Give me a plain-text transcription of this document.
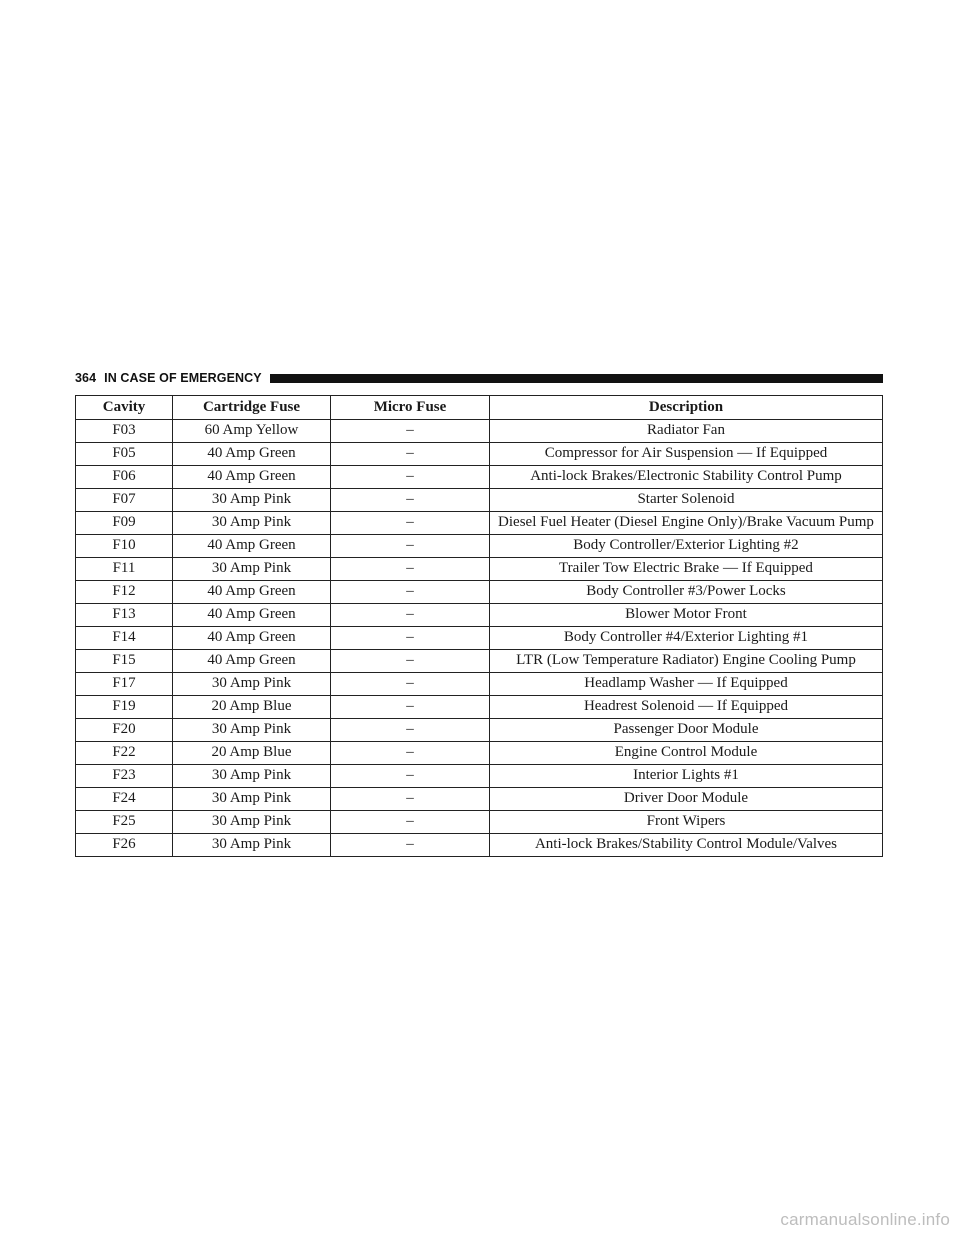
364 IN CASE OF EMERGENCY
Cavity	Cartridge Fuse	Micro Fuse	Description
F03	60 Amp Yellow	–	Radiator Fan
F05	40 Amp Green	–	Compressor for Air Suspension — If Equipped
F06	40 Amp Green	–	Anti-lock Brakes/Electronic Stability Control Pump
F07	30 Amp Pink	–	Starter Solenoid
F09	30 Amp Pink	–	Diesel Fuel Heater (Diesel Engine Only)/Brake Vacuum Pump
F10	40 Amp Green	–	Body Controller/Exterior Lighting #2
F11	30 Amp Pink	–	Trailer Tow Electric Brake — If Equipped
F12	40 Amp Green	–	Body Controller #3/Power Locks
F13	40 Amp Green	–	Blower Motor Front
F14	40 Amp Green	–	Body Controller #4/Exterior Lighting #1
F15	40 Amp Green	–	LTR (Low Temperature Radiator) Engine Cooling Pump
F17	30 Amp Pink	–	Headlamp Washer — If Equipped
F19	20 Amp Blue	–	Headrest Solenoid — If Equipped
F20	30 Amp Pink	–	Passenger Door Module
F22	20 Amp Blue	–	Engine Control Module
F23	30 Amp Pink	–	Interior Lights #1
F24	30 Amp Pink	–	Driver Door Module
F25	30 Amp Pink	–	Front Wipers
F26	30 Amp Pink	–	Anti-lock Brakes/Stability Control Module/Valves
carmanualsonline.info
